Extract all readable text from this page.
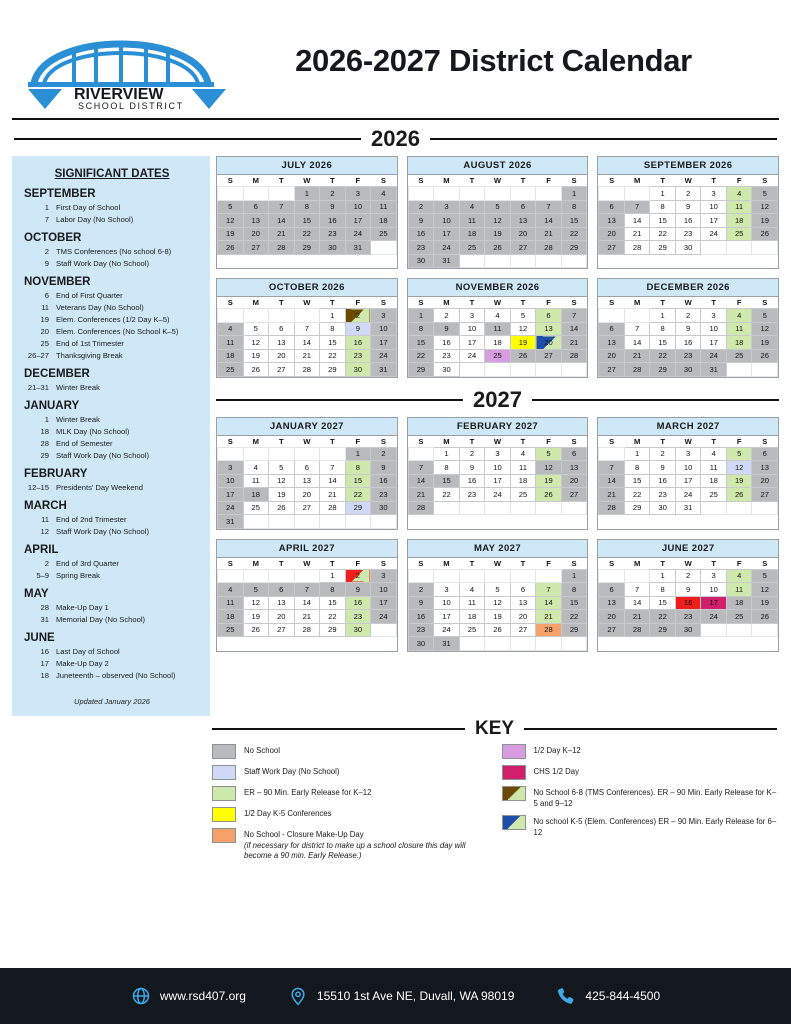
RIVERVIEW
SCHOOL DISTRICT
2026-2027 District Calendar
2026
SIGNIFICANT DATES
SEPTEMBER
1 First Day of School
7 Labor Day (No School)
OCTOBER
2 TMS Conferences (No school 6-8)
9 Staff Work Day (No School)
NOVEMBER
6 End of First Quarter
11 Veterans Day (No School)
19 Elem. Conferences (1/2 Day K–5)
20 Elem. Conferences (No School K–5)
25 End of 1st Trimester
26–27 Thanksgiving Break
DECEMBER
21–31 Winter Break
JANUARY
1 Winter Break
18 MLK Day (No School)
28 End of Semester
29 Staff Work Day (No School)
FEBRUARY
12–15 Presidents' Day Weekend
MARCH
11 End of 2nd Trimester
12 Staff Work Day (No School)
APRIL
2 End of 3rd Quarter
5–9 Spring Break
MAY
28 Make-Up Day 1
31 Memorial Day (No School)
JUNE
16 Last Day of School
17 Make-Up Day 2
18 Juneteenth – observed (No School)
Updated January 2026
JULY 2026
S	M	T	W	T	F	S
			1	2	3	4
5	6	7	8	9	10	11
12	13	14	15	16	17	18
19	20	21	22	23	24	25
26	27	28	29	30	31	
AUGUST 2026
S	M	T	W	T	F	S
						1
2	3	4	5	6	7	8
9	10	11	12	13	14	15
16	17	18	19	20	21	22
23	24	25	26	27	28	29
30	31					
SEPTEMBER 2026
S	M	T	W	T	F	S
		1	2	3	4	5
6	7	8	9	10	11	12
13	14	15	16	17	18	19
20	21	22	23	24	25	26
27	28	29	30			
OCTOBER 2026
S	M	T	W	T	F	S
				1	2	3
4	5	6	7	8	9	10
11	12	13	14	15	16	17
18	19	20	21	22	23	24
25	26	27	28	29	30	31
NOVEMBER 2026
S	M	T	W	T	F	S
1	2	3	4	5	6	7
8	9	10	11	12	13	14
15	16	17	18	19	20	21
22	23	24	25	26	27	28
29	30					
DECEMBER 2026
S	M	T	W	T	F	S
		1	2	3	4	5
6	7	8	9	10	11	12
13	14	15	16	17	18	19
20	21	22	23	24	25	26
27	28	29	30	31		
2027
JANUARY 2027
S	M	T	W	T	F	S
					1	2
3	4	5	6	7	8	9
10	11	12	13	14	15	16
17	18	19	20	21	22	23
24	25	26	27	28	29	30
31						
FEBRUARY 2027
S	M	T	W	T	F	S
	1	2	3	4	5	6
7	8	9	10	11	12	13
14	15	16	17	18	19	20
21	22	23	24	25	26	27
28						
MARCH 2027
S	M	T	W	T	F	S
	1	2	3	4	5	6
7	8	9	10	11	12	13
14	15	16	17	18	19	20
21	22	23	24	25	26	27
28	29	30	31			
APRIL 2027
S	M	T	W	T	F	S
				1	2	3
4	5	6	7	8	9	10
11	12	13	14	15	16	17
18	19	20	21	22	23	24
25	26	27	28	29	30	
MAY 2027
S	M	T	W	T	F	S
						1
2	3	4	5	6	7	8
9	10	11	12	13	14	15
16	17	18	19	20	21	22
23	24	25	26	27	28	29
30	31					
JUNE 2027
S	M	T	W	T	F	S
		1	2	3	4	5
6	7	8	9	10	11	12
13	14	15	16	17	18	19
20	21	22	23	24	25	26
27	28	29	30			
KEY
No School
Staff Work Day (No School)
ER – 90 Min. Early Release for K–12
1/2 Day K-5 Conferences
No School - Closure Make-Up Day
(if necessary for district to make up a school closure this day will become a 90 min. Early Release.)
1/2 Day K–12
CHS 1/2 Day
No School 6-8 (TMS Conferences). ER – 90 Min. Early Release for K–5 and 9–12
No school K-5 (Elem. Conferences) ER – 90 Min. Early Release for 6–12
www.rsd407.org	15510 1st Ave NE, Duvall, WA 98019	425-844-4500
